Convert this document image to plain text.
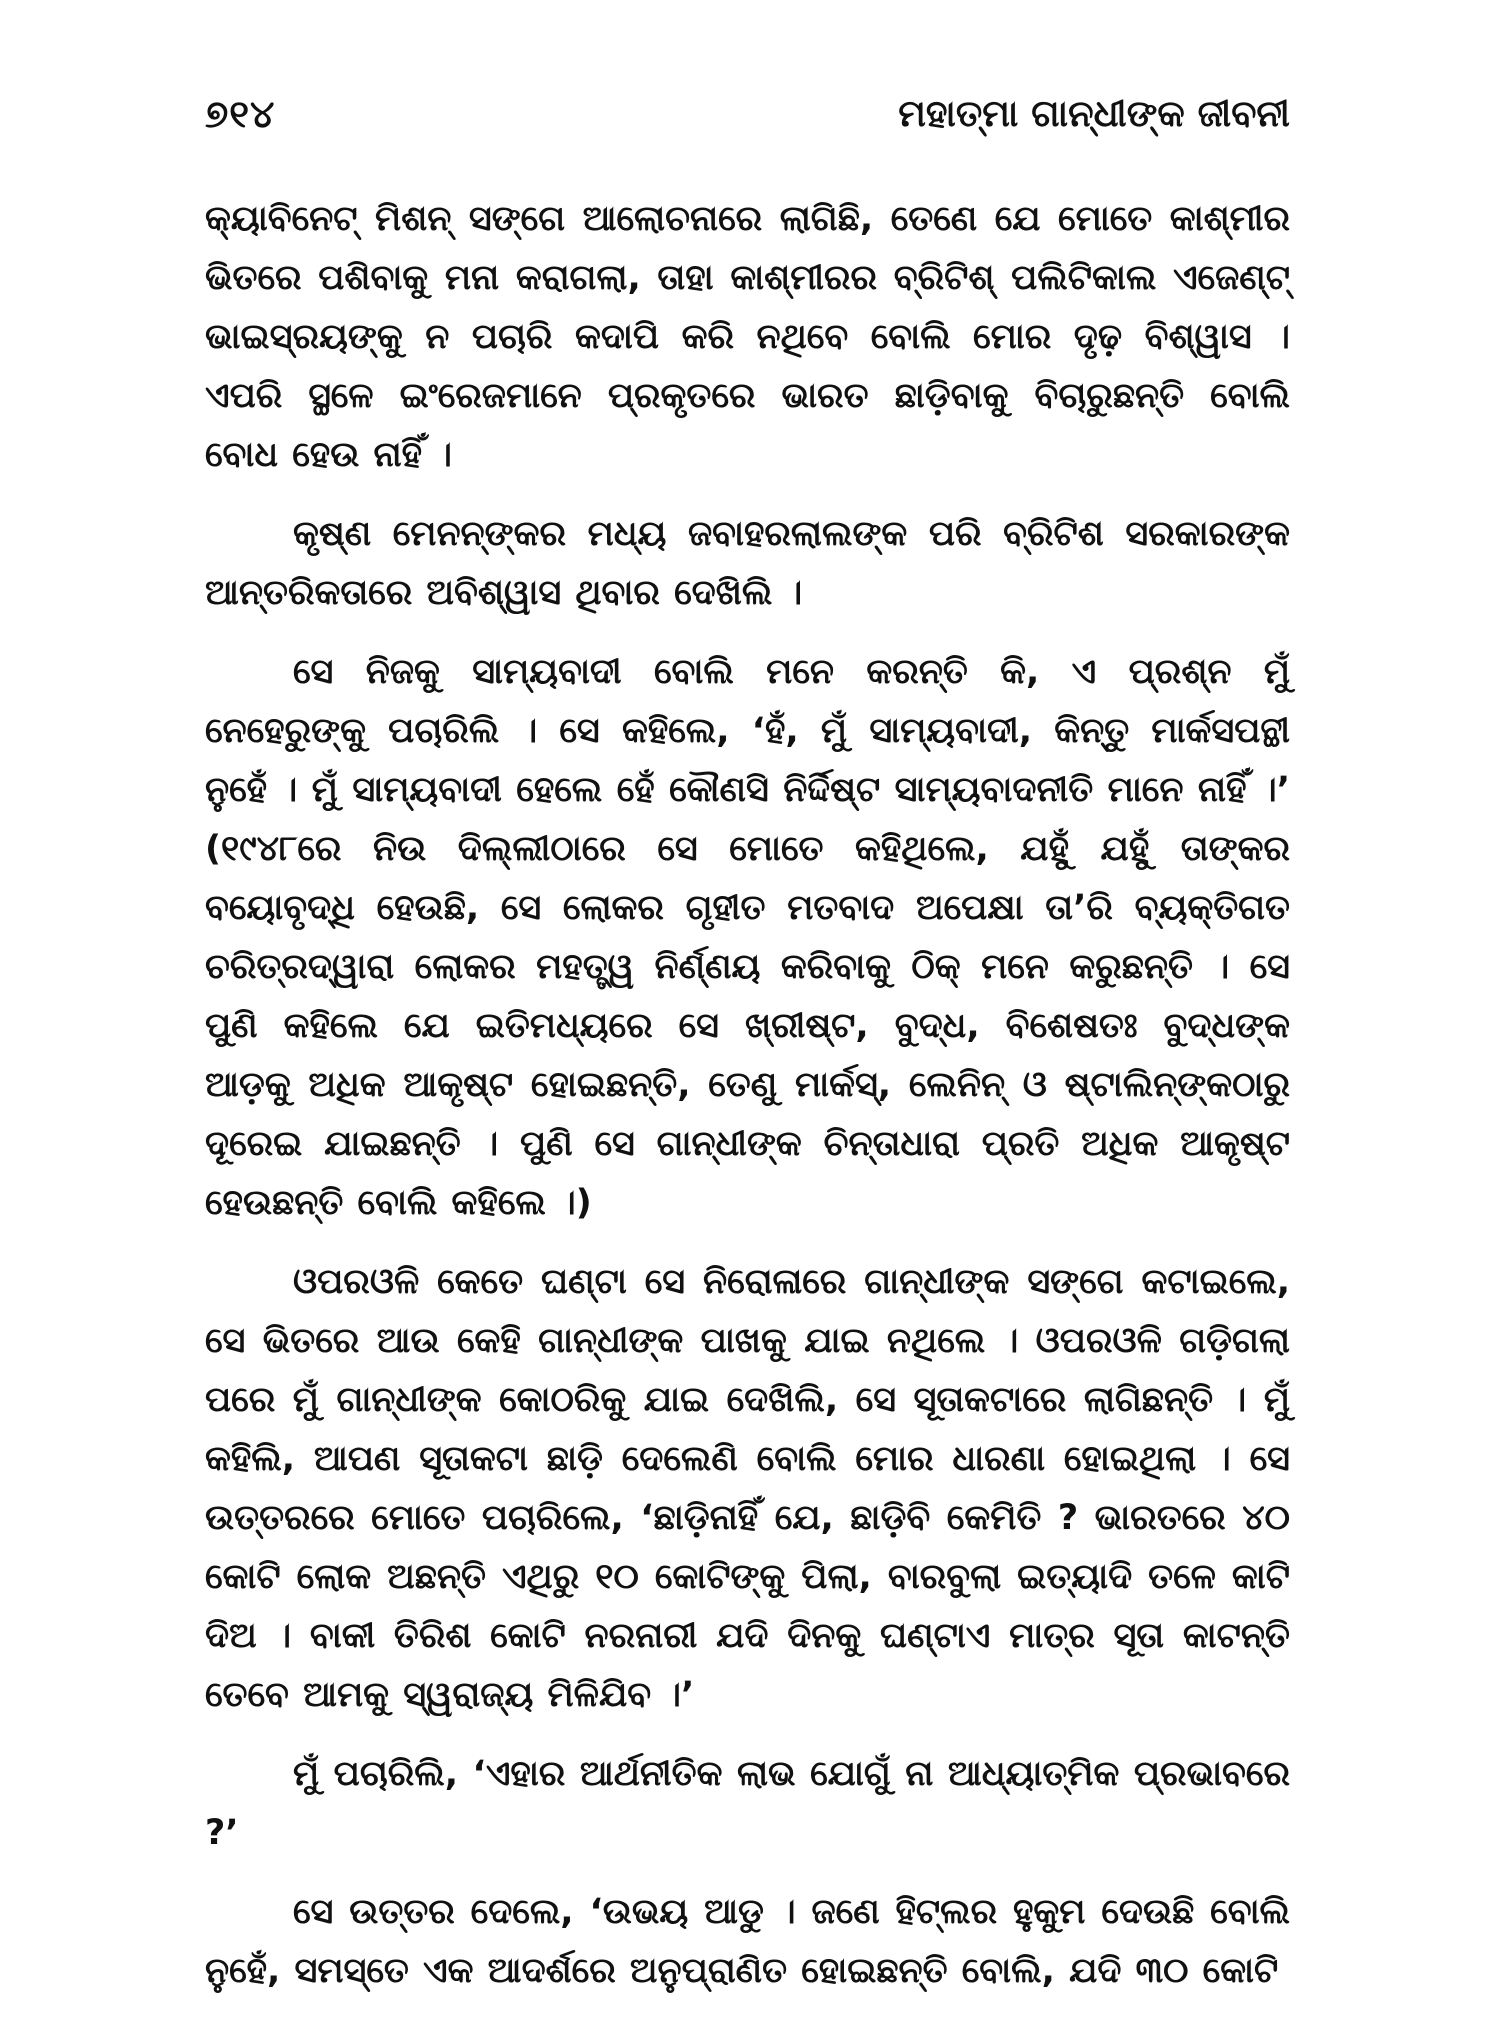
୭୧୪	ମହାତ୍ମା ଗାନ୍ଧୀଙ୍କ ଜୀବନୀ

କ୍ୟାବିନେଟ୍ ମିଶନ୍ ସଙ୍ଗେ ଆଲୋଚନାରେ ଲାଗିଛି, ତେଣେ ଯେ ମୋତେ କାଶ୍ମୀର ଭିତରେ ପଶିବାକୁ ମନା କରାଗଲା, ତାହା କାଶ୍ମୀରର ବ୍ରିଟିଶ୍ ପଲିଟିକାଲ ଏଜେଣ୍ଟ୍ ଭାଇସ୍‌ରୟଙ୍କୁ ନ ପଚାରି କଦାପି କରି ନଥିବେ ବୋଲି ମୋର ଦୃଢ଼ ବିଶ୍ୱାସ । ଏପରି ସ୍ଥଳେ ଇଂରେଜମାନେ ପ୍ରକୃତରେ ଭାରତ ଛାଡ଼ିବାକୁ ବିଚାରୁଛନ୍ତି ବୋଲି ବୋଧ ହେଉ ନାହିଁ ।

କୃଷ୍ଣ ମେନନ୍‌ଙ୍କର ମଧ୍ୟ ଜବାହରଲାଲଙ୍କ ପରି ବ୍ରିଟିଶ ସରକାରଙ୍କ ଆନ୍ତରିକତାରେ ଅବିଶ୍ୱାସ ଥିବାର ଦେଖିଲି ।

ସେ ନିଜକୁ ସାମ୍ୟବାଦୀ ବୋଲି ମନେ କରନ୍ତି କି, ଏ ପ୍ରଶ୍ନ ମୁଁ ନେହେରୁଙ୍କୁ ପଚାରିଲି । ସେ କହିଲେ, ‘ହଁ, ମୁଁ ସାମ୍ୟବାଦୀ, କିନ୍ତୁ ମାର୍କସପନ୍ଥୀ ନୁହେଁ । ମୁଁ ସାମ୍ୟବାଦୀ ହେଲେ ହେଁ କୌଣସି ନିର୍ଦ୍ଦିଷ୍ଟ ସାମ୍ୟବାଦନୀତି ମାନେ ନାହିଁ ।’ (୧୯୪୮ରେ ନିଉ ଦିଲ୍ଲୀଠାରେ ସେ ମୋତେ କହିଥିଲେ, ଯହୁଁ ଯହୁଁ ତାଙ୍କର ବୟୋବୃଦ୍ଧି ହେଉଛି, ସେ ଲୋକର ଗୃହୀତ ମତବାଦ ଅପେକ୍ଷା ତା’ରି ବ୍ୟକ୍ତିଗତ ଚରିତ୍ରଦ୍ୱାରା ଲୋକର ମହତ୍ତ୍ୱ ନିର୍ଣ୍ଣୟ କରିବାକୁ ଠିକ୍ ମନେ କରୁଛନ୍ତି । ସେ ପୁଣି କହିଲେ ଯେ ଇତିମଧ୍ୟରେ ସେ ଖ୍ରୀଷ୍ଟ, ବୁଦ୍ଧ, ବିଶେଷତଃ ବୁଦ୍ଧଙ୍କ ଆଡ଼କୁ ଅଧିକ ଆକୃଷ୍ଟ ହୋଇଛନ୍ତି, ତେଣୁ ମାର୍କସ୍, ଲେନିନ୍ ଓ ଷ୍ଟାଲିନ୍‌ଙ୍କଠାରୁ ଦୂରେଇ ଯାଇଛନ୍ତି । ପୁଣି ସେ ଗାନ୍ଧୀଙ୍କ ଚିନ୍ତାଧାରା ପ୍ରତି ଅଧିକ ଆକୃଷ୍ଟ ହେଉଛନ୍ତି ବୋଲି କହିଲେ ।)

ଓପରଓଳି କେତେ ଘଣ୍ଟା ସେ ନିରୋଳାରେ ଗାନ୍ଧୀଙ୍କ ସଙ୍ଗେ କଟାଇଲେ, ସେ ଭିତରେ ଆଉ କେହି ଗାନ୍ଧୀଙ୍କ ପାଖକୁ ଯାଇ ନଥିଲେ । ଓପରଓଳି ଗଡ଼ିଗଲା ପରେ ମୁଁ ଗାନ୍ଧୀଙ୍କ କୋଠରିକୁ ଯାଇ ଦେଖିଲି, ସେ ସୂତାକଟାରେ ଲାଗିଛନ୍ତି । ମୁଁ କହିଲି, ଆପଣ ସୂତାକଟା ଛାଡ଼ି ଦେଲେଣି ବୋଲି ମୋର ଧାରଣା ହୋଇଥିଲା । ସେ ଉତ୍ତରରେ ମୋତେ ପଚାରିଲେ, ‘ଛାଡ଼ିନାହିଁ ଯେ, ଛାଡ଼ିବି କେମିତି ? ଭାରତରେ ୪୦ କୋଟି ଲୋକ ଅଛନ୍ତି ଏଥିରୁ ୧୦ କୋଟିଙ୍କୁ ପିଲା, ବାରବୁଲା ଇତ୍ୟାଦି ତଳେ କାଟି ଦିଅ । ବାକୀ ତିରିଶ କୋଟି ନରନାରୀ ଯଦି ଦିନକୁ ଘଣ୍ଟାଏ ମାତ୍ର ସୂତା କାଟନ୍ତି ତେବେ ଆମକୁ ସ୍ୱରାଜ୍ୟ ମିଳିଯିବ ।’

ମୁଁ ପଚାରିଲି, ‘ଏହାର ଆର୍ଥନୀତିକ ଲାଭ ଯୋଗୁଁ ନା ଆଧ୍ୟାତ୍ମିକ ପ୍ରଭାବରେ ?’

ସେ ଉତ୍ତର ଦେଲେ, ‘ଉଭୟ ଆଡୁ । ଜଣେ ହିଟ୍‌ଲର ହୁକୁମ ଦେଉଛି ବୋଲି ନୁହେଁ, ସମସ୍ତେ ଏକ ଆଦର୍ଶରେ ଅନୁପ୍ରାଣିତ ହୋଇଛନ୍ତି ବୋଲି, ଯଦି ୩୦ କୋଟି
